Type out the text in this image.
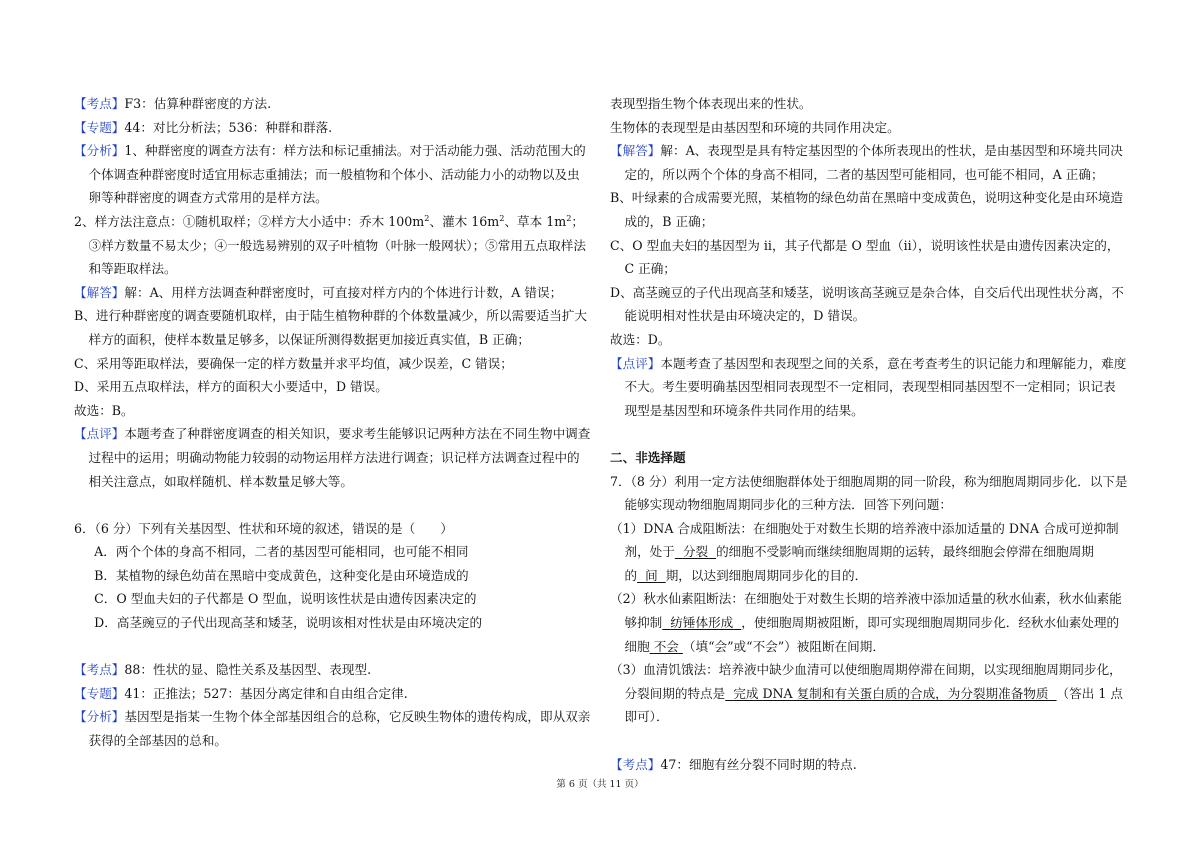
【考点】F3：估算种群密度的方法.

【专题】44：对比分析法；536：种群和群落.

【分析】1、种群密度的调查方法有：样方法和标记重捕法。对于活动能力强、活动范围大的个体调查种群密度时适宜用标志重捕法；而一般植物和个体小、活动能力小的动物以及虫卵等种群密度的调查方式常用的是样方法。

2、样方法注意点：①随机取样；②样方大小适中：乔木 $100m^2$、灌木 $16m^2$、草本 $1m^2$；③样方数量不易太少；④一般选易辨别的双子叶植物（叶脉一般网状）；⑤常用五点取样法和等距取样法。

【解答】解：A、用样方法调查种群密度时，可直接对样方内的个体进行计数，A 错误；

B、进行种群密度的调查要随机取样，由于陆生植物种群的个体数量减少，所以需要适当扩大样方的面积，使样本数量足够多，以保证所测得数据更加接近真实值，B 正确；

C、采用等距取样法，要确保一定的样方数量并求平均值，减少误差，C 错误；

D、采用五点取样法，样方的面积大小要适中，D 错误。

故选：B。

【点评】本题考查了种群密度调查的相关知识，要求考生能够识记两种方法在不同生物中调查过程中的运用；明确动物能力较弱的动物运用样方法进行调查；识记样方法调查过程中的相关注意点，如取样随机、样本数量足够大等。

6．（6 分）下列有关基因型、性状和环境的叙述，错误的是（　　）

A．两个个体的身高不相同，二者的基因型可能相同，也可能不相同

B．某植物的绿色幼苗在黑暗中变成黄色，这种变化是由环境造成的

C．O 型血夫妇的子代都是 O 型血，说明该性状是由遗传因素决定的

D．高茎豌豆的子代出现高茎和矮茎，说明该相对性状是由环境决定的

【考点】88：性状的显、隐性关系及基因型、表现型.

【专题】41：正推法；527：基因分离定律和自由组合定律.

【分析】基因型是指某一生物个体全部基因组合的总称，它反映生物体的遗传构成，即从双亲获得的全部基因的总和。

表现型指生物个体表现出来的性状。

生物体的表现型是由基因型和环境的共同作用决定。

【解答】解：A、表现型是具有特定基因型的个体所表现出的性状，是由基因型和环境共同决定的，所以两个个体的身高不相同，二者的基因型可能相同，也可能不相同，A 正确；

B、叶绿素的合成需要光照，某植物的绿色幼苗在黑暗中变成黄色，说明这种变化是由环境造成的，B 正确；

C、O 型血夫妇的基因型为 ii，其子代都是 O 型血（ii），说明该性状是由遗传因素决定的，C 正确；

D、高茎豌豆的子代出现高茎和矮茎，说明该高茎豌豆是杂合体，自交后代出现性状分离，不能说明相对性状是由环境决定的，D 错误。

故选：D。

【点评】本题考查了基因型和表现型之间的关系，意在考查考生的识记能力和理解能力，难度不大。考生要明确基因型相同表现型不一定相同，表现型相同基因型不一定相同；识记表现型是基因型和环境条件共同作用的结果。

二、非选择题

7．（8 分）利用一定方法使细胞群体处于细胞周期的同一阶段，称为细胞周期同步化．以下是能够实现动物细胞周期同步化的三种方法．回答下列问题：

（1）DNA 合成阻断法：在细胞处于对数生长期的培养液中添加适量的 DNA 合成可逆抑制剂，处于 分裂 的细胞不受影响而继续细胞周期的运转，最终细胞会停滞在细胞周期的 间 期，以达到细胞周期同步化的目的．

（2）秋水仙素阻断法：在细胞处于对数生长期的培养液中添加适量的秋水仙素，秋水仙素能够抑制 纺锤体形成 ，使细胞周期被阻断，即可实现细胞周期同步化．经秋水仙素处理的细胞 不会 （填“会”或“不会”）被阻断在间期．

（3）血清饥饿法：培养液中缺少血清可以使细胞周期停滞在间期，以实现细胞周期同步化，分裂间期的特点是 完成 DNA 复制和有关蛋白质的合成，为分裂期准备物质 （答出 1 点即可）．

【考点】47：细胞有丝分裂不同时期的特点.

第 6 页（共 11 页）
